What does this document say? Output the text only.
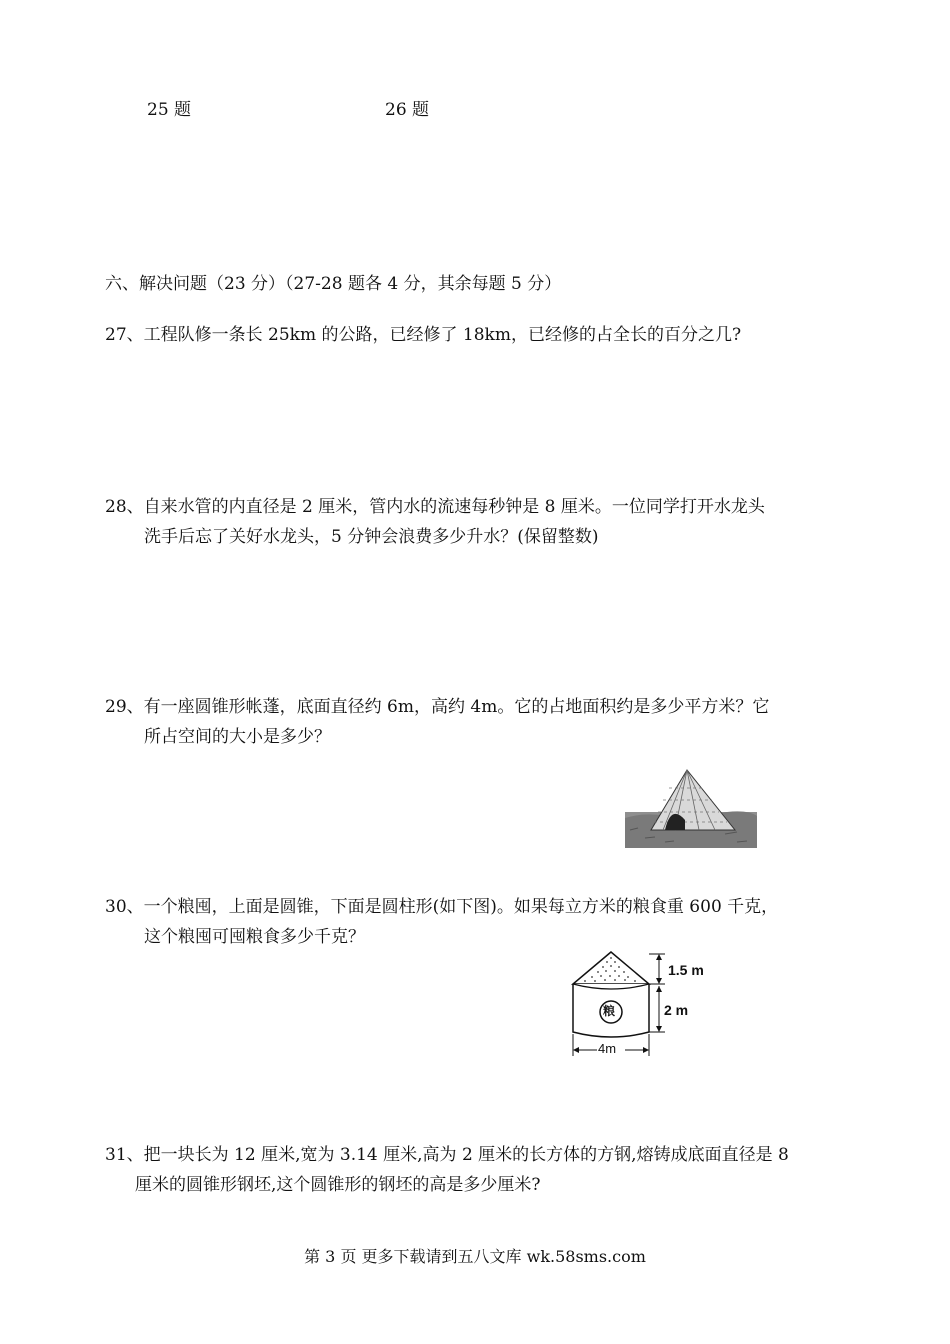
25 题	26 题
六、解决问题（23 分）（27-28 题各 4 分，其余每题 5 分）
27、工程队修一条长 25km 的公路，已经修了 18km，已经修的占全长的百分之几?
28、自来水管的内直径是 2 厘米，管内水的流速每秒钟是 8 厘米。一位同学打开水龙头
洗手后忘了关好水龙头，5 分钟会浪费多少升水？(保留整数)
29、有一座圆锥形帐蓬，底面直径约 6m，高约 4m。它的占地面积约是多少平方米？它
所占空间的大小是多少？
30、一个粮囤，上面是圆锥，下面是圆柱形(如下图)。如果每立方米的粮食重 600 千克，
这个粮囤可囤粮食多少千克？
粮
1.5 m
2 m
4m
31、把一块长为 12 厘米,宽为 3.14 厘米,高为 2 厘米的长方体的方钢,熔铸成底面直径是 8
厘米的圆锥形钢坯,这个圆锥形的钢坯的高是多少厘米?
第 3 页 更多下载请到五八文库 wk.58sms.com
